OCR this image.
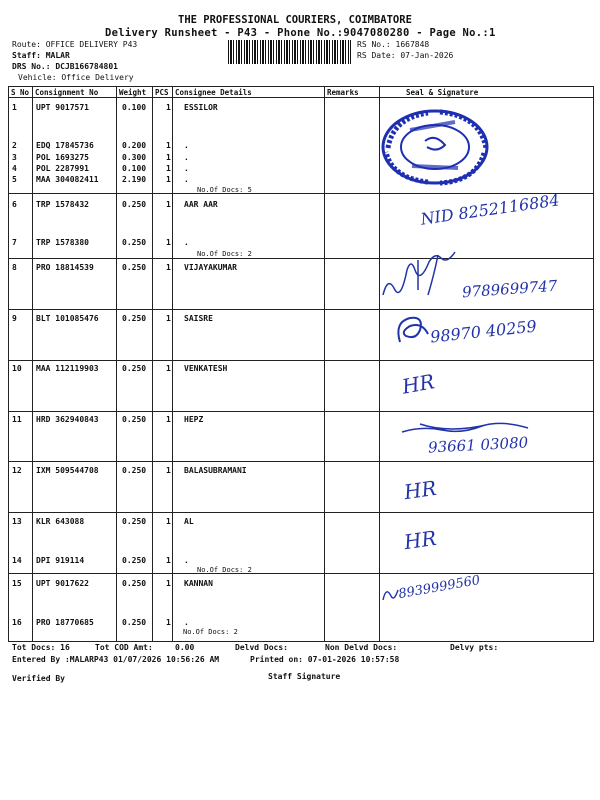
THE PROFESSIONAL COURIERS, COIMBATORE
Delivery Runsheet - P43 - Phone No.:9047080280 - Page No.:1
Route: OFFICE DELIVERY P43
Staff: MALAR
DRS No.: DCJB166784801
Vehicle: Office Delivery
RS No.: 1667848
RS Date: 07-Jan-2026
S No	Consignment No	Weight	PCS	Consignee Details	Remarks	Seal & Signature

1 UPT 9017571	0.100 1 ESSILOR
2 EDQ 17845736	0.200 1 .
3 POL 1693275	0.300 1 .
4 POL 2287991	0.100 1 .
5 MAA 304082411	2.190 1 .
6 TRP 1578432	0.250 1 AAR AAR
7 TRP 1578380	0.250 1 .
8 PRO 18814539	0.250 1 VIJAYAKUMAR
9 BLT 101085476	0.250 1 SAISRE
10 MAA 112119903	0.250 1 VENKATESH
11 HRD 362940843	0.250 1 HEPZ
12 IXM 509544708	0.250 1 BALASUBRAMANI
13 KLR 643088	0.250 1 AL
14 DPI 919114	0.250 1 .
15 UPT 9017622	0.250 1 KANNAN
16 PRO 18770685	0.250 1 .
No.Of Docs: 5
No.Of Docs: 2
No.Of Docs: 2
No.Of Docs: 2
NID 8252116884
9789699747
98970 40259
HR
93661 03080
HR
HR
8939999560
Tot Docs: 16	Tot COD Amt:	0.00	Delvd Docs:	Non Delvd Docs:	Delvy pts:
Entered By :MALARP43 01/07/2026 10:56:26 AM	Printed on: 07-01-2026 10:57:58
Verified By	Staff Signature
